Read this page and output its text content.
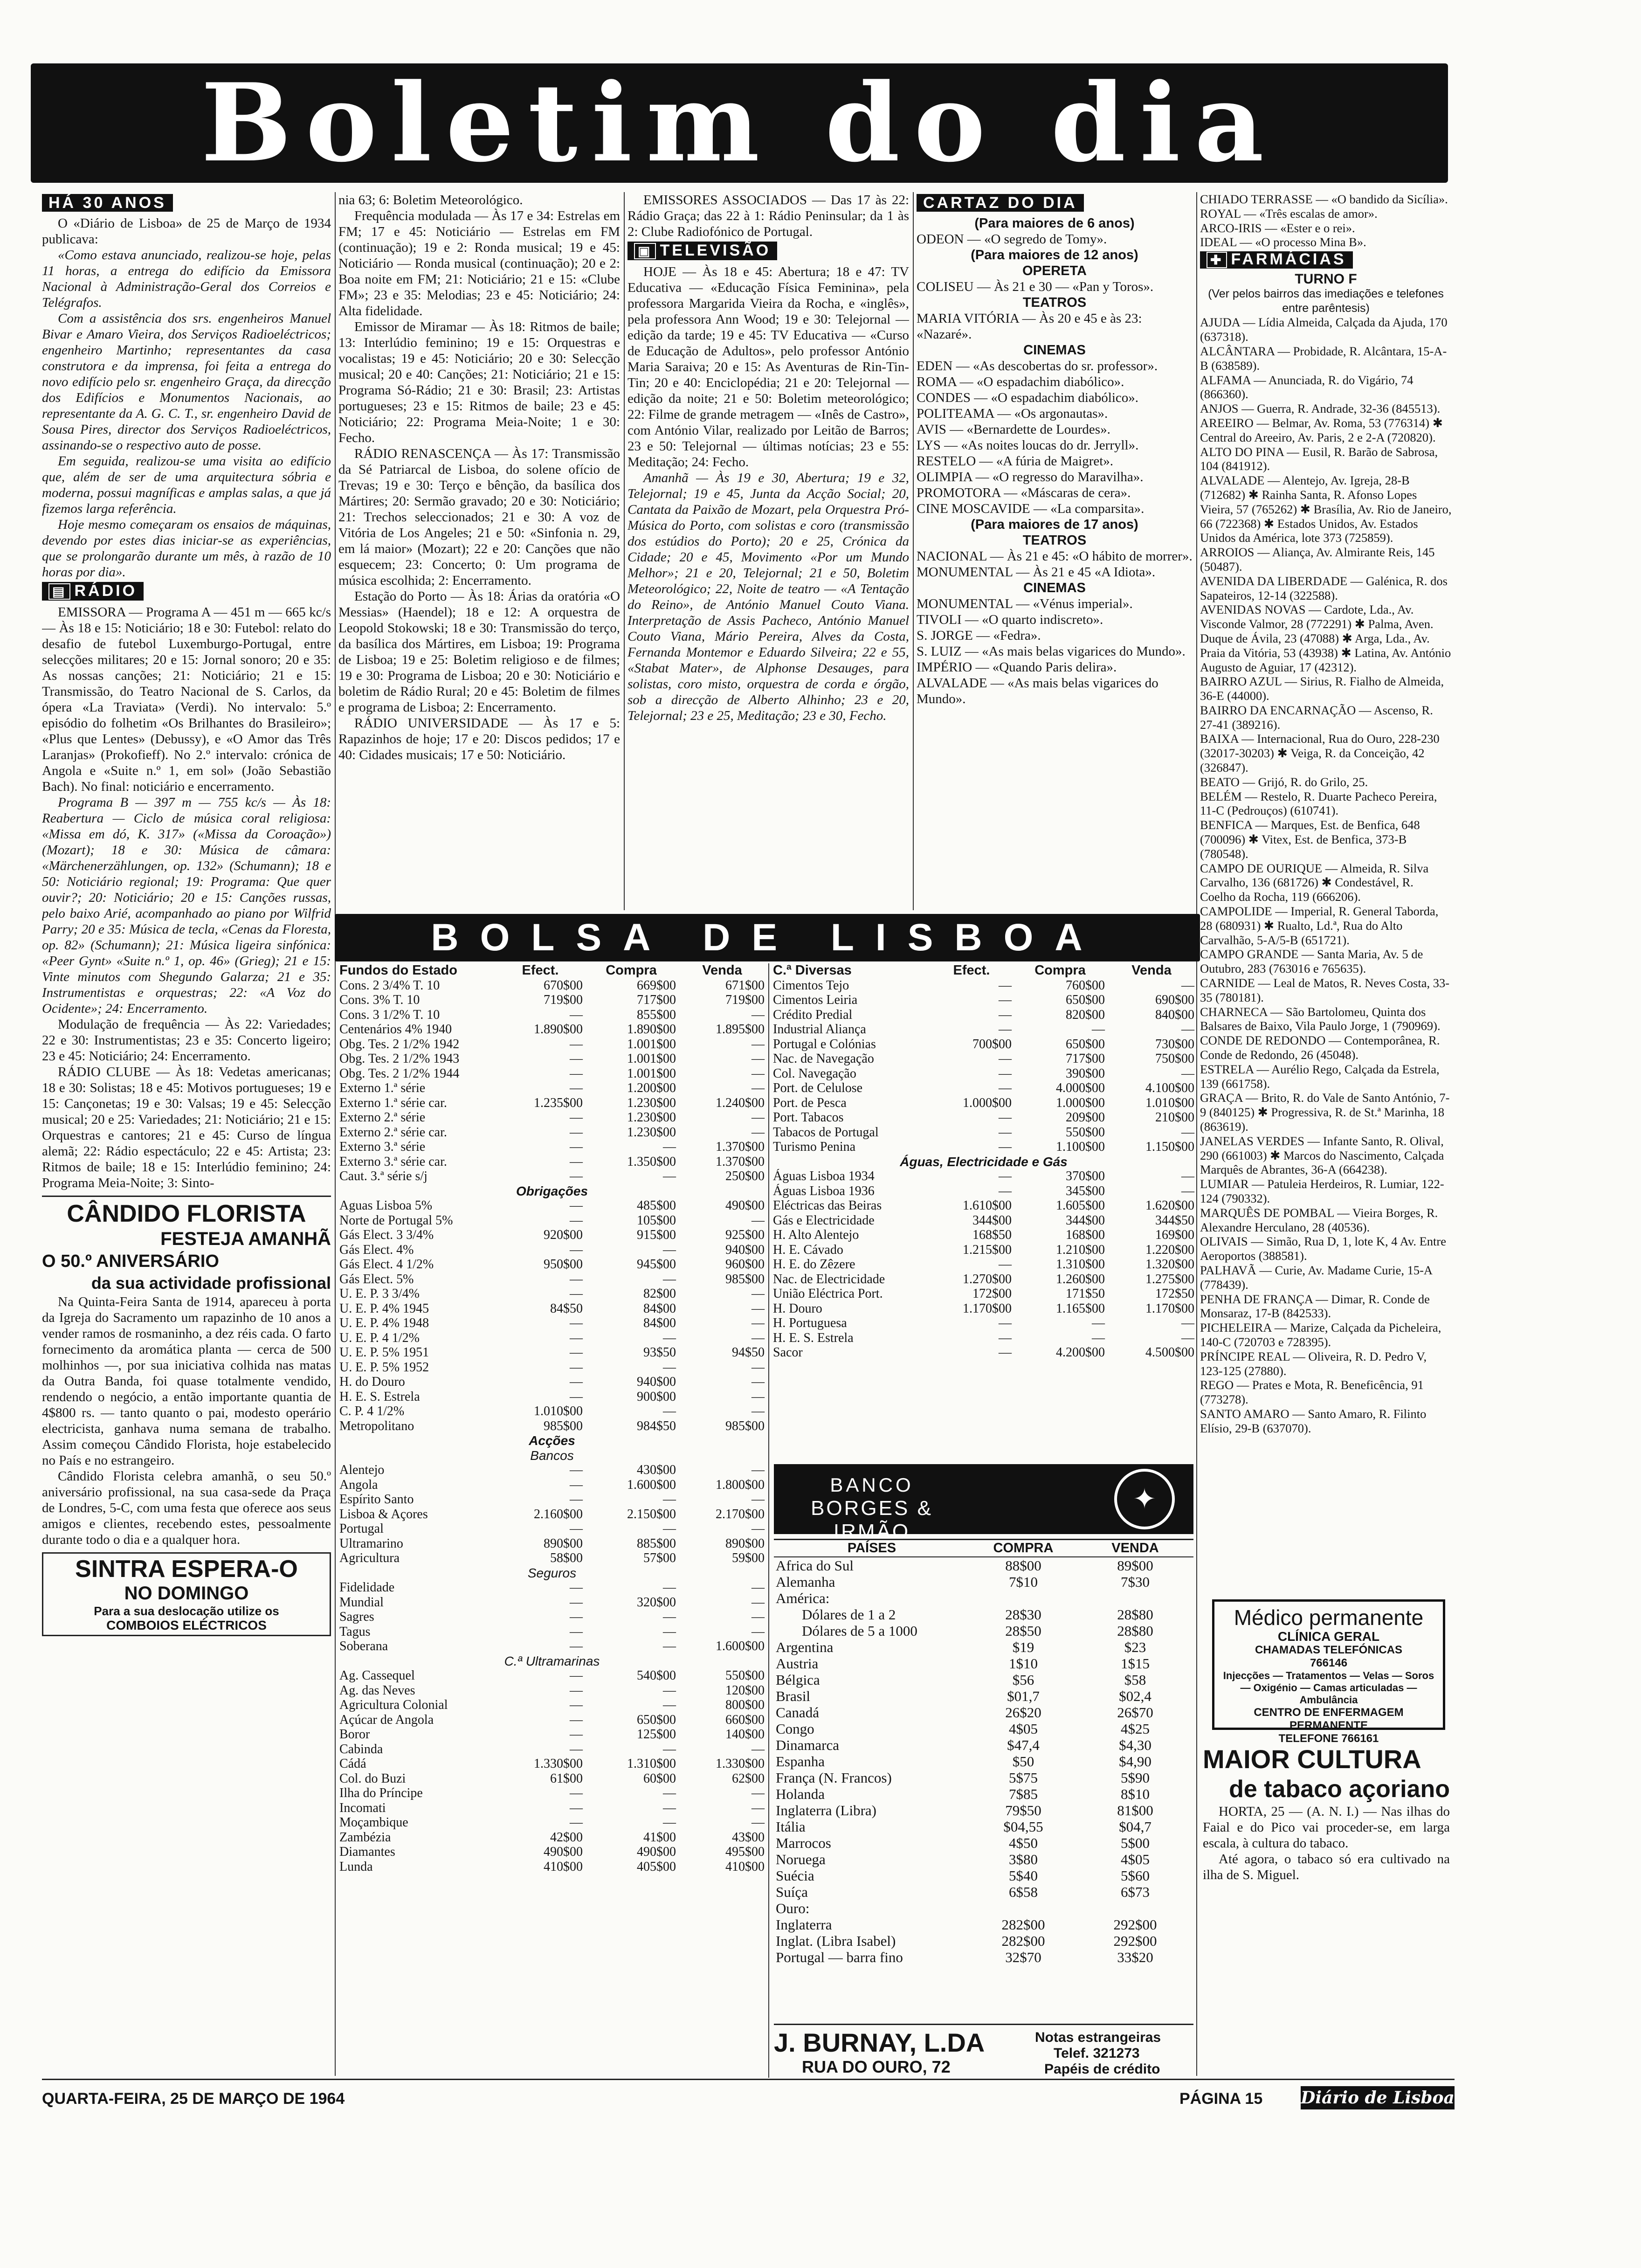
Boletim do dia
HÁ 30 ANOS

O «Diário de Lisboa» de 25 de Março de 1934 publicava:

«Como estava anunciado, realizou-se hoje, pelas 11 horas, a entrega do edifício da Emissora Nacional à Administração-Geral dos Correios e Telégrafos.

Com a assistência dos srs. engenheiros Manuel Bivar e Amaro Vieira, dos Serviços Radioeléctricos; engenheiro Martinho; representantes da casa construtora e da imprensa, foi feita a entrega do novo edifício pelo sr. engenheiro Graça, da direcção dos Edifícios e Monumentos Nacionais, ao representante da A. G. C. T., sr. engenheiro David de Sousa Pires, director dos Serviços Radioeléctricos, assinando-se o respectivo auto de posse.

Em seguida, realizou-se uma visita ao edifício que, além de ser de uma arquitectura sóbria e moderna, possui magníficas e amplas salas, a que já fizemos larga referência.

Hoje mesmo começaram os ensaios de máquinas, devendo por estes dias iniciar-se as experiências, que se prolongarão durante um mês, à razão de 10 horas por dia».

▤ RÁDIO

EMISSORA — Programa A — 451 m — 665 kc/s — Às 18 e 15: Noticiário; 18 e 30: Futebol: relato do desafio de futebol Luxemburgo-Portugal, entre selecções militares; 20 e 15: Jornal sonoro; 20 e 35: As nossas canções; 21: Noticiário; 21 e 15: Transmissão, do Teatro Nacional de S. Carlos, da ópera «La Traviata» (Verdi). No intervalo: 5.º episódio do folhetim «Os Brilhantes do Brasileiro»; «Plus que Lentes» (Debussy), e «O Amor das Três Laranjas» (Prokofieff). No 2.º intervalo: crónica de Angola e «Suite n.º 1, em sol» (João Sebastião Bach). No final: noticiário e encerramento.

Programa B — 397 m — 755 kc/s — Às 18: Reabertura — Ciclo de música coral religiosa: «Missa em dó, K. 317» («Missa da Coroação») (Mozart); 18 e 30: Música de câmara: «Märchenerzählungen, op. 132» (Schumann); 18 e 50: Noticiário regional; 19: Programa: Que quer ouvir?; 20: Noticiário; 20 e 15: Canções russas, pelo baixo Arié, acompanhado ao piano por Wilfrid Parry; 20 e 35: Música de tecla, «Cenas da Floresta, op. 82» (Schumann); 21: Música ligeira sinfónica: «Peer Gynt» «Suite n.º 1, op. 46» (Grieg); 21 e 15: Vinte minutos com Shegundo Galarza; 21 e 35: Instrumentistas e orquestras; 22: «A Voz do Ocidente»; 24: Encerramento.

Modulação de frequência — Às 22: Variedades; 22 e 30: Instrumentistas; 23 e 35: Concerto ligeiro; 23 e 45: Noticiário; 24: Encerramento.

RÁDIO CLUBE — Às 18: Vedetas americanas; 18 e 30: Solistas; 18 e 45: Motivos portugueses; 19 e 15: Cançonetas; 19 e 30: Valsas; 19 e 45: Selecção musical; 20 e 25: Variedades; 21: Noticiário; 21 e 15: Orquestras e cantores; 21 e 45: Curso de língua alemã; 22: Rádio espectáculo; 22 e 45: Artista; 23: Ritmos de baile; 18 e 15: Interlúdio feminino; 24: Programa Meia-Noite; 3: Sinto-

CÂNDIDO FLORISTA
FESTEJA AMANHÃ
O 50.º ANIVERSÁRIO
da sua actividade profissional

Na Quinta-Feira Santa de 1914, apareceu à porta da Igreja do Sacramento um rapazinho de 10 anos a vender ramos de rosmaninho, a dez réis cada. O farto fornecimento da aromática planta — cerca de 500 molhinhos —, por sua iniciativa colhida nas matas da Outra Banda, foi quase totalmente vendido, rendendo o negócio, a então importante quantia de 4$800 rs. — tanto quanto o pai, modesto operário electricista, ganhava numa semana de trabalho. Assim começou Cândido Florista, hoje estabelecido no País e no estrangeiro.

Cândido Florista celebra amanhã, o seu 50.º aniversário profissional, na sua casa-sede da Praça de Londres, 5-C, com uma festa que oferece aos seus amigos e clientes, recebendo estes, pessoalmente durante todo o dia e a qualquer hora.

SINTRA ESPERA-O
NO DOMINGO
Para a sua deslocação utilize os
COMBOIOS ELÉCTRICOS

nia 63; 6: Boletim Meteorológico.

Frequência modulada — Às 17 e 34: Estrelas em FM; 17 e 45: Noticiário — Estrelas em FM (continuação); 19 e 2: Ronda musical; 19 e 45: Noticiário — Ronda musical (continuação); 20 e 2: Boa noite em FM; 21: Noticiário; 21 e 15: «Clube FM»; 23 e 35: Melodias; 23 e 45: Noticiário; 24: Alta fidelidade.

Emissor de Miramar — Às 18: Ritmos de baile; 13: Interlúdio feminino; 19 e 15: Orquestras e vocalistas; 19 e 45: Noticiário; 20 e 30: Selecção musical; 20 e 40: Canções; 21: Noticiário; 21 e 15: Programa Só-Rádio; 21 e 30: Brasil; 23: Artistas portugueses; 23 e 15: Ritmos de baile; 23 e 45: Noticiário; 22: Programa Meia-Noite; 1 e 30: Fecho.

RÁDIO RENASCENÇA — Às 17: Transmissão da Sé Patriarcal de Lisboa, do solene ofício de Trevas; 19 e 30: Terço e bênção, da basílica dos Mártires; 20: Sermão gravado; 20 e 30: Noticiário; 21: Trechos seleccionados; 21 e 30: A voz de Vitória de Los Angeles; 21 e 50: «Sinfonia n. 29, em lá maior» (Mozart); 22 e 20: Canções que não esquecem; 23: Concerto; 0: Um programa de música escolhida; 2: Encerramento.

Estação do Porto — Às 18: Árias da oratória «O Messias» (Haendel); 18 e 12: A orquestra de Leopold Stokowski; 18 e 30: Transmissão do terço, da basílica dos Mártires, em Lisboa; 19: Programa de Lisboa; 19 e 25: Boletim religioso e de filmes; 19 e 30: Programa de Lisboa; 20 e 30: Noticiário e boletim de Rádio Rural; 20 e 45: Boletim de filmes e programa de Lisboa; 2: Encerramento.

RÁDIO UNIVERSIDADE — Às 17 e 5: Rapazinhos de hoje; 17 e 20: Discos pedidos; 17 e 40: Cidades musicais; 17 e 50: Noticiário.

EMISSORES ASSOCIADOS — Das 17 às 22: Rádio Graça; das 22 à 1: Rádio Peninsular; da 1 às 2: Clube Radiofónico de Portugal.

▣ TELEVISÃO

HOJE — Às 18 e 45: Abertura; 18 e 47: TV Educativa — «Educação Física Feminina», pela professora Margarida Vieira da Rocha, e «inglês», pela professora Ann Wood; 19 e 30: Telejornal — edição da tarde; 19 e 45: TV Educativa — «Curso de Educação de Adultos», pelo professor António Maria Saraiva; 20 e 15: As Aventuras de Rin-Tin-Tin; 20 e 40: Enciclopédia; 21 e 20: Telejornal — edição da noite; 21 e 50: Boletim meteorológico; 22: Filme de grande metragem — «Inês de Castro», com António Vilar, realizado por Leitão de Barros; 23 e 50: Telejornal — últimas notícias; 23 e 55: Meditação; 24: Fecho.

Amanhã — Às 19 e 30, Abertura; 19 e 32, Telejornal; 19 e 45, Junta da Acção Social; 20, Cantata da Paixão de Mozart, pela Orquestra Pró-Música do Porto, com solistas e coro (transmissão dos estúdios do Porto); 20 e 25, Crónica da Cidade; 20 e 45, Movimento «Por um Mundo Melhor»; 21 e 20, Telejornal; 21 e 50, Boletim Meteorológico; 22, Noite de teatro — «A Tentação do Reino», de António Manuel Couto Viana. Interpretação de Assis Pacheco, António Manuel Couto Viana, Mário Pereira, Alves da Costa, Fernanda Montemor e Eduardo Silveira; 22 e 55, «Stabat Mater», de Alphonse Desauges, para solistas, coro misto, orquestra de corda e órgão, sob a direcção de Alberto Alhinho; 23 e 20, Telejornal; 23 e 25, Meditação; 23 e 30, Fecho.

CARTAZ DO DIA
(Para maiores de 6 anos)
ODEON — «O segredo de Tomy».
(Para maiores de 12 anos)
OPERETA
COLISEU — Às 21 e 30 — «Pan y Toros».
TEATROS
MARIA VITÓRIA — Às 20 e 45 e às 23: «Nazaré».
CINEMAS
EDEN — «As descobertas do sr. professor».
ROMA — «O espadachim diabólico».
CONDES — «O espadachim diabólico».
POLITEAMA — «Os argonautas».
AVIS — «Bernardette de Lourdes».
LYS — «As noites loucas do dr. Jerryll».
RESTELO — «A fúria de Maigret».
OLIMPIA — «O regresso do Maravilha».
PROMOTORA — «Máscaras de cera».
CINE MOSCAVIDE — «La comparsita».
(Para maiores de 17 anos)
TEATROS
NACIONAL — Às 21 e 45: «O hábito de morrer».
MONUMENTAL — Às 21 e 45 «A Idiota».
CINEMAS
MONUMENTAL — «Vénus imperial».
TIVOLI — «O quarto indiscreto».
S. JORGE — «Fedra».
S. LUIZ — «As mais belas vigarices do Mundo».
IMPÉRIO — «Quando Paris delira».
ALVALADE — «As mais belas vigarices do Mundo».
CHIADO TERRASSE — «O bandido da Sicília».
ROYAL — «Três escalas de amor».
ARCO-IRIS — «Ester e o rei».
IDEAL — «O processo Mina B».
✚ FARMÁCIAS
TURNO F
(Ver pelos bairros das imediações e telefones entre parêntesis)
AJUDA — Lídia Almeida, Calçada da Ajuda, 170 (637318).
ALCÂNTARA — Probidade, R. Alcântara, 15-A-B (638589).
ALFAMA — Anunciada, R. do Vigário, 74 (866360).
ANJOS — Guerra, R. Andrade, 32-36 (845513).
AREEIRO — Belmar, Av. Roma, 53 (776314) ✱ Central do Areeiro, Av. Paris, 2 e 2-A (720820).
ALTO DO PINA — Eusil, R. Barão de Sabrosa, 104 (841912).
ALVALADE — Alentejo, Av. Igreja, 28-B (712682) ✱ Rainha Santa, R. Afonso Lopes Vieira, 57 (765262) ✱ Brasília, Av. Rio de Janeiro, 66 (722368) ✱ Estados Unidos, Av. Estados Unidos da América, lote 373 (725859).
ARROIOS — Aliança, Av. Almirante Reis, 145 (50487).
AVENIDA DA LIBERDADE — Galénica, R. dos Sapateiros, 12-14 (322588).
AVENIDAS NOVAS — Cardote, Lda., Av. Visconde Valmor, 28 (772291) ✱ Palma, Aven. Duque de Ávila, 23 (47088) ✱ Arga, Lda., Av. Praia da Vitória, 53 (43938) ✱ Latina, Av. António Augusto de Aguiar, 17 (42312).
BAIRRO AZUL — Sirius, R. Fialho de Almeida, 36-E (44000).
BAIRRO DA ENCARNAÇÃO — Ascenso, R. 27-41 (389216).
BAIXA — Internacional, Rua do Ouro, 228-230 (32017-30203) ✱ Veiga, R. da Conceição, 42 (326847).
BEATO — Grijó, R. do Grilo, 25.
BELÉM — Restelo, R. Duarte Pacheco Pereira, 11-C (Pedrouços) (610741).
BENFICA — Marques, Est. de Benfica, 648 (700096) ✱ Vitex, Est. de Benfica, 373-B (780548).
CAMPO DE OURIQUE — Almeida, R. Silva Carvalho, 136 (681726) ✱ Condestável, R. Coelho da Rocha, 119 (666206).
CAMPOLIDE — Imperial, R. General Taborda, 28 (680931) ✱ Rualto, Ld.ª, Rua do Alto Carvalhão, 5-A/5-B (651721).
CAMPO GRANDE — Santa Maria, Av. 5 de Outubro, 283 (763016 e 765635).
CARNIDE — Leal de Matos, R. Neves Costa, 33-35 (780181).
CHARNECA — São Bartolomeu, Quinta dos Balsares de Baixo, Vila Paulo Jorge, 1 (790969).
CONDE DE REDONDO — Contemporânea, R. Conde de Redondo, 26 (45048).
ESTRELA — Aurélio Rego, Calçada da Estrela, 139 (661758).
GRAÇA — Brito, R. do Vale de Santo António, 7-9 (840125) ✱ Progressiva, R. de St.ª Marinha, 18 (863619).
JANELAS VERDES — Infante Santo, R. Olival, 290 (661003) ✱ Marcos do Nascimento, Calçada Marquês de Abrantes, 36-A (664238).
LUMIAR — Patuleia Herdeiros, R. Lumiar, 122-124 (790332).
MARQUÊS DE POMBAL — Vieira Borges, R. Alexandre Herculano, 28 (40536).
OLIVAIS — Simão, Rua D, 1, lote K, 4 Av. Entre Aeroportos (388581).
PALHAVÃ — Curie, Av. Madame Curie, 15-A (778439).
PENHA DE FRANÇA — Dimar, R. Conde de Monsaraz, 17-B (842533).
PICHELEIRA — Marize, Calçada da Picheleira, 140-C (720703 e 728395).
PRÍNCIPE REAL — Oliveira, R. D. Pedro V, 123-125 (27880).
REGO — Prates e Mota, R. Beneficência, 91 (773278).
SANTO AMARO — Santo Amaro, R. Filinto Elísio, 29-B (637070).
Médico permanente
CLÍNICA GERAL
CHAMADAS TELEFÓNICAS
766146
Injecções — Tratamentos — Velas — Soros — Oxigénio — Camas articuladas — Ambulância
CENTRO DE ENFERMAGEM PERMANENTE
TELEFONE 766161
MAIOR CULTURA
de tabaco açoriano

HORTA, 25 — (A. N. I.) — Nas ilhas do Faial e do Pico vai proceder-se, em larga escala, à cultura do tabaco.

Até agora, o tabaco só era cultivado na ilha de S. Miguel.

BOLSA DE LISBOA
Fundos do Estado	Efect.	Compra	Venda
Cons. 2 3/4% T. 10	670$00	669$00	671$00
Cons. 3% T. 10	719$00	717$00	719$00
Cons. 3 1/2% T. 10	—	855$00	—
Centenários 4% 1940	1.890$00	1.890$00	1.895$00
Obg. Tes. 2 1/2% 1942	—	1.001$00	—
Obg. Tes. 2 1/2% 1943	—	1.001$00	—
Obg. Tes. 2 1/2% 1944	—	1.001$00	—
Externo 1.ª série	—	1.200$00	—
Externo 1.ª série car.	1.235$00	1.230$00	1.240$00
Externo 2.ª série	—	1.230$00	—
Externo 2.ª série car.	—	1.230$00	—
Externo 3.ª série	—	—	1.370$00
Externo 3.ª série car.	—	1.350$00	1.370$00
Caut. 3.ª série s/j	—	—	250$00
Obrigações			
Aguas Lisboa 5%	—	485$00	490$00
Norte de Portugal 5%	—	105$00	—
Gás Elect. 3 3/4%	920$00	915$00	925$00
Gás Elect. 4%	—	—	940$00
Gás Elect. 4 1/2%	950$00	945$00	960$00
Gás Elect. 5%	—	—	985$00
U. E. P. 3 3/4%	—	82$00	—
U. E. P. 4% 1945	84$50	84$00	—
U. E. P. 4% 1948	—	84$00	—
U. E. P. 4 1/2%	—	—	—
U. E. P. 5% 1951	—	93$50	94$50
U. E. P. 5% 1952	—	—	—
H. do Douro	—	940$00	—
H. E. S. Estrela	—	900$00	—
C. P. 4 1/2%	1.010$00	—	—
Metropolitano	985$00	984$50	985$00
Acções			
Bancos			
Alentejo	—	430$00	—
Angola	—	1.600$00	1.800$00
Espírito Santo	—	—	—
Lisboa & Açores	2.160$00	2.150$00	2.170$00
Portugal	—	—	—
Ultramarino	890$00	885$00	890$00
Agricultura	58$00	57$00	59$00
Seguros			
Fidelidade	—	—	—
Mundial	—	320$00	—
Sagres	—	—	—
Tagus	—	—	—
Soberana	—	—	1.600$00
C.ª Ultramarinas			
Ag. Cassequel	—	540$00	550$00
Ag. das Neves	—	—	120$00
Agricultura Colonial	—	—	800$00
Açúcar de Angola	—	650$00	660$00
Boror	—	125$00	140$00
Cabinda	—	—	—
Cádá	1.330$00	1.310$00	1.330$00
Col. do Buzi	61$00	60$00	62$00
Ilha do Príncipe	—	—	—
Incomati	—	—	—
Moçambique	—	—	—
Zambézia	42$00	41$00	43$00
Diamantes	490$00	490$00	495$00
Lunda	410$00	405$00	410$00
C.ª Diversas	Efect.	Compra	Venda
Cimentos Tejo	—	760$00	—
Cimentos Leiria	—	650$00	690$00
Crédito Predial	—	820$00	840$00
Industrial Aliança	—	—	—
Portugal e Colónias	700$00	650$00	730$00
Nac. de Navegação	—	717$00	750$00
Col. Navegação	—	390$00	—
Port. de Celulose	—	4.000$00	4.100$00
Port. de Pesca	1.000$00	1.000$00	1.010$00
Port. Tabacos	—	209$00	210$00
Tabacos de Portugal	—	550$00	—
Turismo Penina	—	1.100$00	1.150$00
Águas, Electricidade e Gás			
Águas Lisboa 1934	—	370$00	—
Águas Lisboa 1936	—	345$00	—
Eléctricas das Beiras	1.610$00	1.605$00	1.620$00
Gás e Electricidade	344$00	344$00	344$50
H. Alto Alentejo	168$50	168$00	169$00
H. E. Cávado	1.215$00	1.210$00	1.220$00
H. E. do Zêzere	—	1.310$00	1.320$00
Nac. de Electricidade	1.270$00	1.260$00	1.275$00
União Eléctrica Port.	172$00	171$50	172$50
H. Douro	1.170$00	1.165$00	1.170$00
H. Portuguesa	—	—	—
H. E. S. Estrela	—	—	—
Sacor	—	4.200$00	4.500$00
BANCO
BORGES & IRMÃO
✦
PAÍSES	COMPRA	VENDA
Africa do Sul	88$00	89$00
Alemanha	7$10	7$30
América:		
Dólares de 1 a 2	28$30	28$80
Dólares de 5 a 1000	28$50	28$80
Argentina	$19	$23
Austria	1$10	1$15
Bélgica	$56	$58
Brasil	$01,7	$02,4
Canadá	26$20	26$70
Congo	4$05	4$25
Dinamarca	$47,4	$4,30
Espanha	$50	$4,90
França (N. Francos)	5$75	5$90
Holanda	7$85	8$10
Inglaterra (Libra)	79$50	81$00
Itália	$04,55	$04,7
Marrocos	4$50	5$00
Noruega	3$80	4$05
Suécia	5$40	5$60
Suíça	6$58	6$73
Ouro:		
Inglaterra	282$00	292$00
Inglat. (Libra Isabel)	282$00	292$00
Portugal — barra fino	32$70	33$20
J. BURNAY, L.DA
RUA DO OURO, 72
Notas estrangeiras
Telef. 321273
Papéis de crédito
QUARTA-FEIRA, 25 DE MARÇO DE 1964	PÁGINA 15 Diário de Lisboa
